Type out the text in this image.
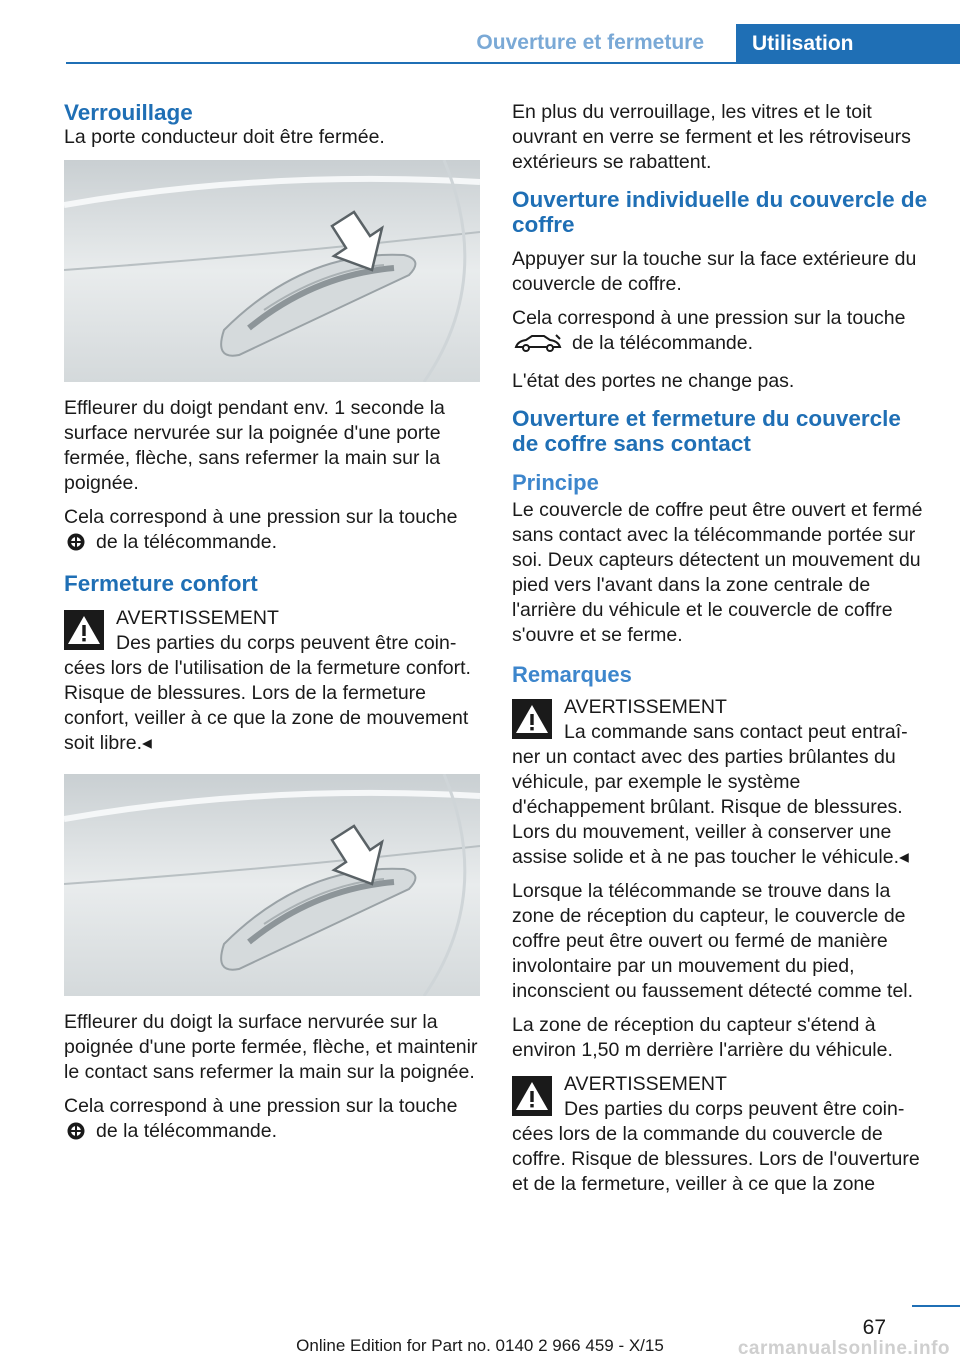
Ouverture et fermeture	Utilisation
Verrouillage

La porte conducteur doit être fermée.

Effleurer du doigt pendant env. 1 seconde la surface nervurée sur la poignée d'une porte fermée, flèche, sans refermer la main sur la poignée.

Cela correspond à une pression sur la touche
de la télécommande.

Fermeture confort
AVERTISSEMENT
Des parties du corps peuvent être coin-
cées lors de l'utilisation de la fermeture confort. Risque de blessures. Lors de la fermeture confort, veiller à ce que la zone de mouvement soit libre.◂

Effleurer du doigt la surface nervurée sur la poignée d'une porte fermée, flèche, et maintenir le contact sans refermer la main sur la poignée.

Cela correspond à une pression sur la touche
de la télécommande.

En plus du verrouillage, les vitres et le toit ouvrant en verre se ferment et les rétroviseurs extérieurs se rabattent.

Ouverture individuelle du couvercle de coffre

Appuyer sur la touche sur la face extérieure du couvercle de coffre.

Cela correspond à une pression sur la touche
de la télécommande.

L'état des portes ne change pas.

Ouverture et fermeture du couvercle de coffre sans contact
Principe

Le couvercle de coffre peut être ouvert et fermé sans contact avec la télécommande portée sur soi. Deux capteurs détectent un mouvement du pied vers l'avant dans la zone centrale de l'arrière du véhicule et le couvercle de coffre s'ouvre et se ferme.

Remarques
AVERTISSEMENT
La commande sans contact peut entraî-
ner un contact avec des parties brûlantes du véhicule, par exemple le système d'échappement brûlant. Risque de blessures. Lors du mouvement, veiller à conserver une assise solide et à ne pas toucher le véhicule.◂

Lorsque la télécommande se trouve dans la zone de réception du capteur, le couvercle de coffre peut être ouvert ou fermé de manière involontaire par un mouvement du pied, inconscient ou faussement détecté comme tel.

La zone de réception du capteur s'étend à environ 1,50 m derrière l'arrière du véhicule.

AVERTISSEMENT
Des parties du corps peuvent être coin-
cées lors de la commande du couvercle de coffre. Risque de blessures. Lors de l'ouverture et de la fermeture, veiller à ce que la zone
67
Online Edition for Part no. 0140 2 966 459 - X/15	carmanualsonline.info
